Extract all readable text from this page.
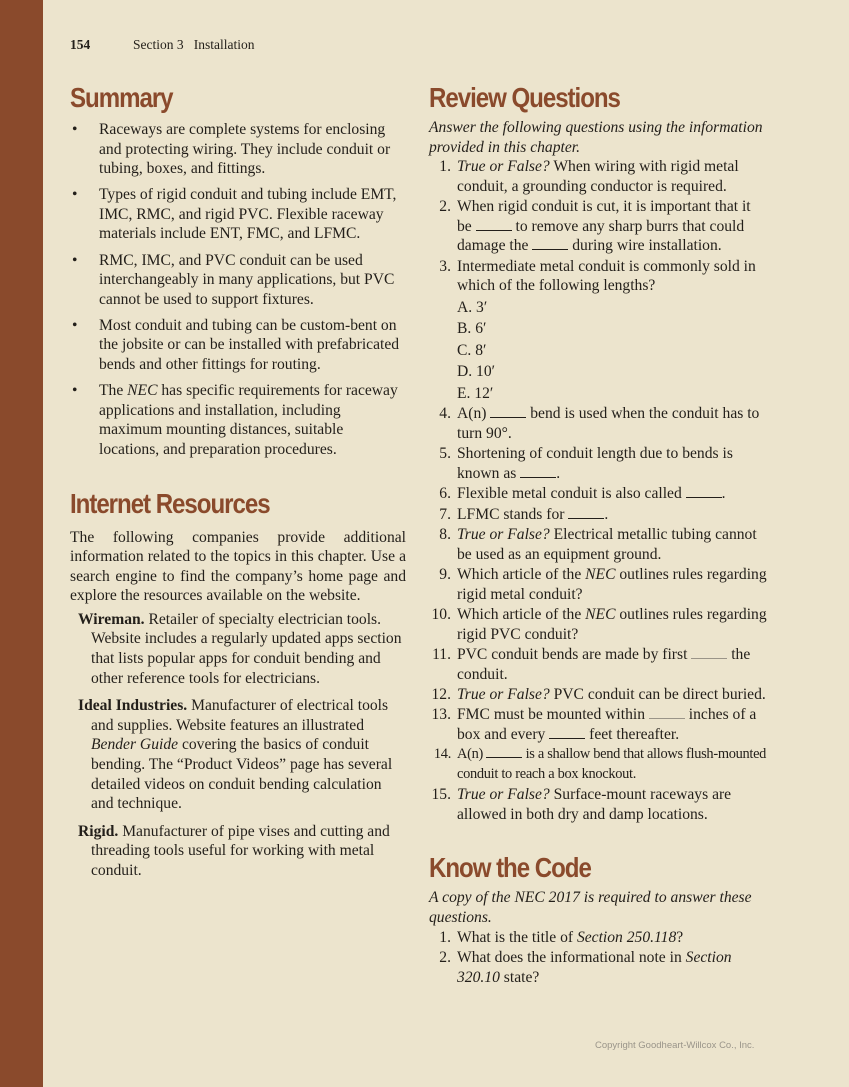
154	Section 3 Installation
Summary
• Raceways are complete systems for enclosing and protecting wiring. They include conduit or tubing, boxes, and fittings.
• Types of rigid conduit and tubing include EMT, IMC, RMC, and rigid PVC. Flexible raceway materials include ENT, FMC, and LFMC.
• RMC, IMC, and PVC conduit can be used interchangeably in many applications, but PVC cannot be used to support fixtures.
• Most conduit and tubing can be custom-bent on the jobsite or can be installed with prefabricated bends and other fittings for routing.
• The NEC has specific requirements for raceway applications and installation, including maximum mounting distances, suitable locations, and preparation procedures.
Internet Resources

The following companies provide additional information related to the topics in this chapter. Use a search engine to find the company’s home page and explore the resources available on the website.

Wireman. Retailer of specialty electrician tools. Website includes a regularly updated apps section that lists popular apps for conduit bending and other reference tools for electricians.

Ideal Industries. Manufacturer of electrical tools and supplies. Website features an illustrated Bender Guide covering the basics of conduit bending. The “Product Videos” page has several detailed videos on conduit bending calculation and technique.

Rigid. Manufacturer of pipe vises and cutting and threading tools useful for working with metal conduit.

Review Questions

Answer the following questions using the information provided in this chapter.

1. True or False? When wiring with rigid metal conduit, a grounding conductor is required.
2. When rigid conduit is cut, it is important that it be  to remove any sharp burrs that could damage the  during wire installation.
3. Intermediate metal conduit is commonly sold in which of the following lengths?
A. 3′
B. 6′
C. 8′
D. 10′
E. 12′
4. A(n)  bend is used when the conduit has to turn 90°.
5. Shortening of conduit length due to bends is known as .
6. Flexible metal conduit is also called .
7. LFMC stands for .
8. True or False? Electrical metallic tubing cannot be used as an equipment ground.
9. Which article of the NEC outlines rules regarding rigid metal conduit?
10. Which article of the NEC outlines rules regarding rigid PVC conduit?
11. PVC conduit bends are made by first  the conduit.
12. True or False? PVC conduit can be direct buried.
13. FMC must be mounted within  inches of a box and every  feet thereafter.
14. A(n)	is a shallow bend that allows flush-mounted conduit to reach a box knockout.
15. True or False? Surface-mount raceways are allowed in both dry and damp locations.
Know the Code

A copy of the NEC 2017 is required to answer these questions.

1. What is the title of Section 250.118?
2. What does the informational note in Section 320.10 state?
Copyright Goodheart-Willcox Co., Inc.
